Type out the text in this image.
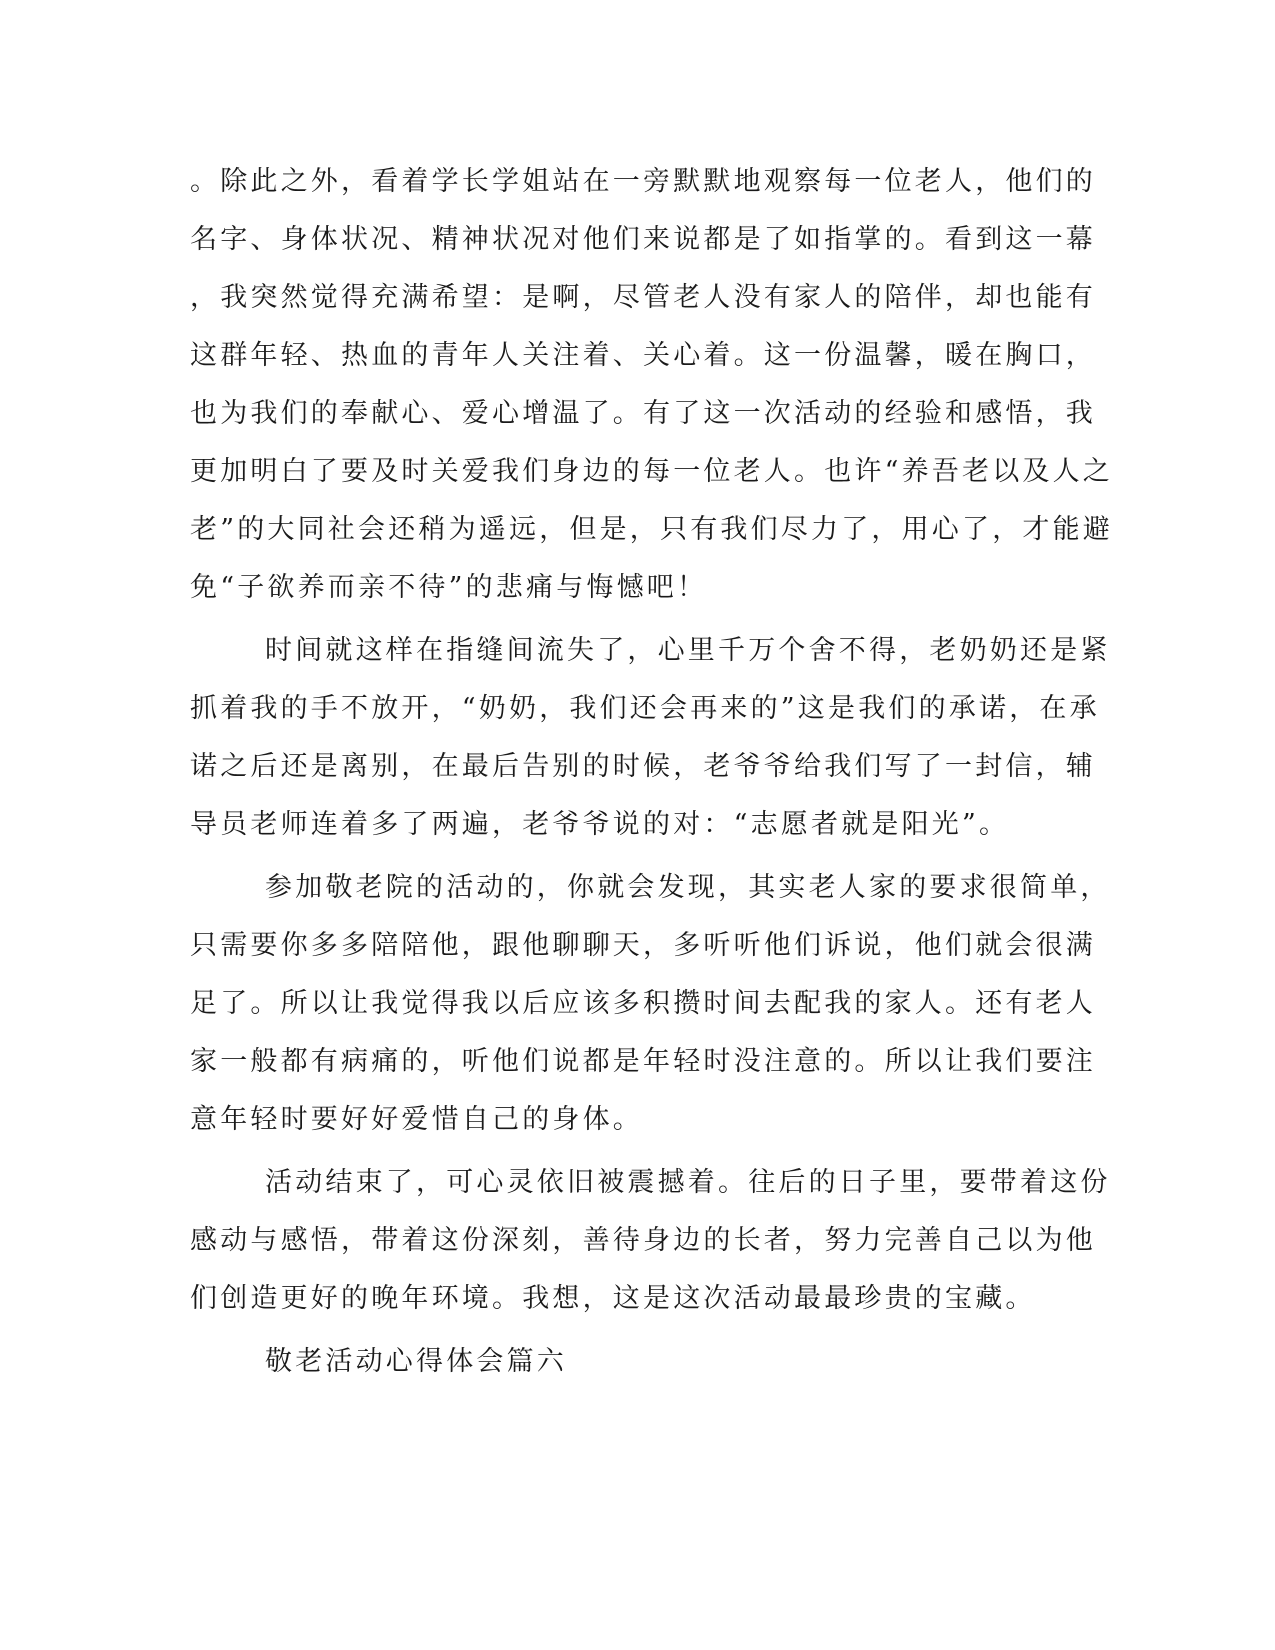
。除此之外，看着学长学姐站在一旁默默地观察每一位老人，他们的
名字、身体状况、精神状况对他们来说都是了如指掌的。看到这一幕
，我突然觉得充满希望：是啊，尽管老人没有家人的陪伴，却也能有
这群年轻、热血的青年人关注着、关心着。这一份温馨，暖在胸口，
也为我们的奉献心、爱心增温了。有了这一次活动的经验和感悟，我
更加明白了要及时关爱我们身边的每一位老人。也许“养吾老以及人之
老”的大同社会还稍为遥远，但是，只有我们尽力了，用心了，才能避
免“子欲养而亲不待”的悲痛与悔憾吧！
时间就这样在指缝间流失了，心里千万个舍不得，老奶奶还是紧
抓着我的手不放开，“奶奶，我们还会再来的”这是我们的承诺，在承
诺之后还是离别，在最后告别的时候，老爷爷给我们写了一封信，辅
导员老师连着多了两遍，老爷爷说的对：“志愿者就是阳光”。
参加敬老院的活动的，你就会发现，其实老人家的要求很简单，
只需要你多多陪陪他，跟他聊聊天，多听听他们诉说，他们就会很满
足了。所以让我觉得我以后应该多积攒时间去配我的家人。还有老人
家一般都有病痛的，听他们说都是年轻时没注意的。所以让我们要注
意年轻时要好好爱惜自己的身体。
活动结束了，可心灵依旧被震撼着。往后的日子里，要带着这份
感动与感悟，带着这份深刻，善待身边的长者，努力完善自己以为他
们创造更好的晚年环境。我想，这是这次活动最最珍贵的宝藏。
敬老活动心得体会篇六
